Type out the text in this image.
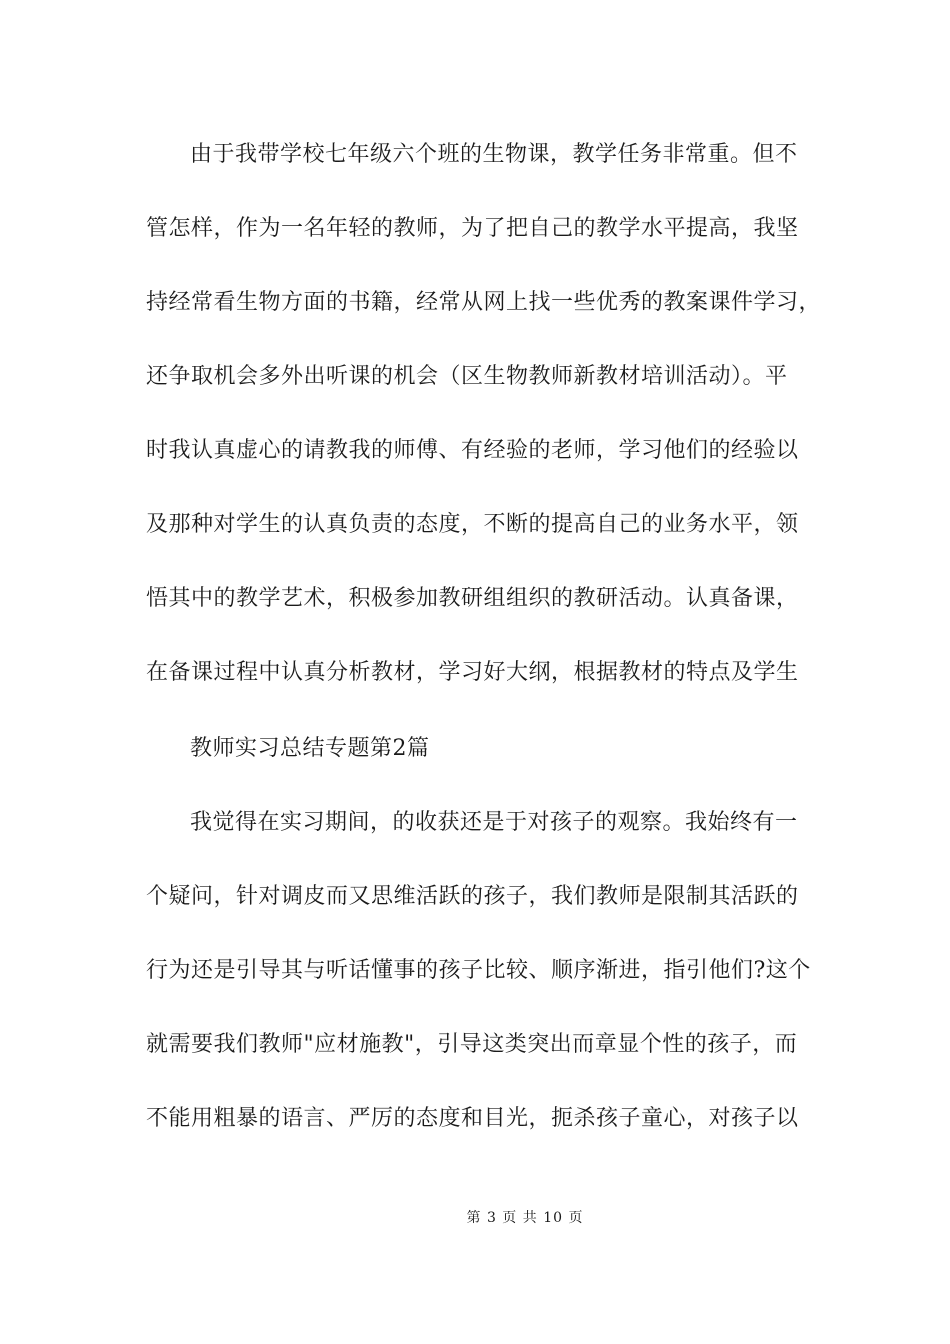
由于我带学校七年级六个班的生物课，教学任务非常重。但不
管怎样，作为一名年轻的教师，为了把自己的教学水平提高，我坚
持经常看生物方面的书籍，经常从网上找一些优秀的教案课件学习，
还争取机会多外出听课的机会（区生物教师新教材培训活动）。平
时我认真虚心的请教我的师傅、有经验的老师，学习他们的经验以
及那种对学生的认真负责的态度，不断的提高自己的业务水平，领
悟其中的教学艺术，积极参加教研组组织的教研活动。认真备课，
在备课过程中认真分析教材，学习好大纲，根据教材的特点及学生
教师实习总结专题第2篇
我觉得在实习期间，的收获还是于对孩子的观察。我始终有一
个疑问，针对调皮而又思维活跃的孩子，我们教师是限制其活跃的
行为还是引导其与听话懂事的孩子比较、顺序渐进，指引他们?这个
就需要我们教师"应材施教"，引导这类突出而章显个性的孩子，而
不能用粗暴的语言、严厉的态度和目光，扼杀孩子童心，对孩子以
第 3 页 共 10 页
